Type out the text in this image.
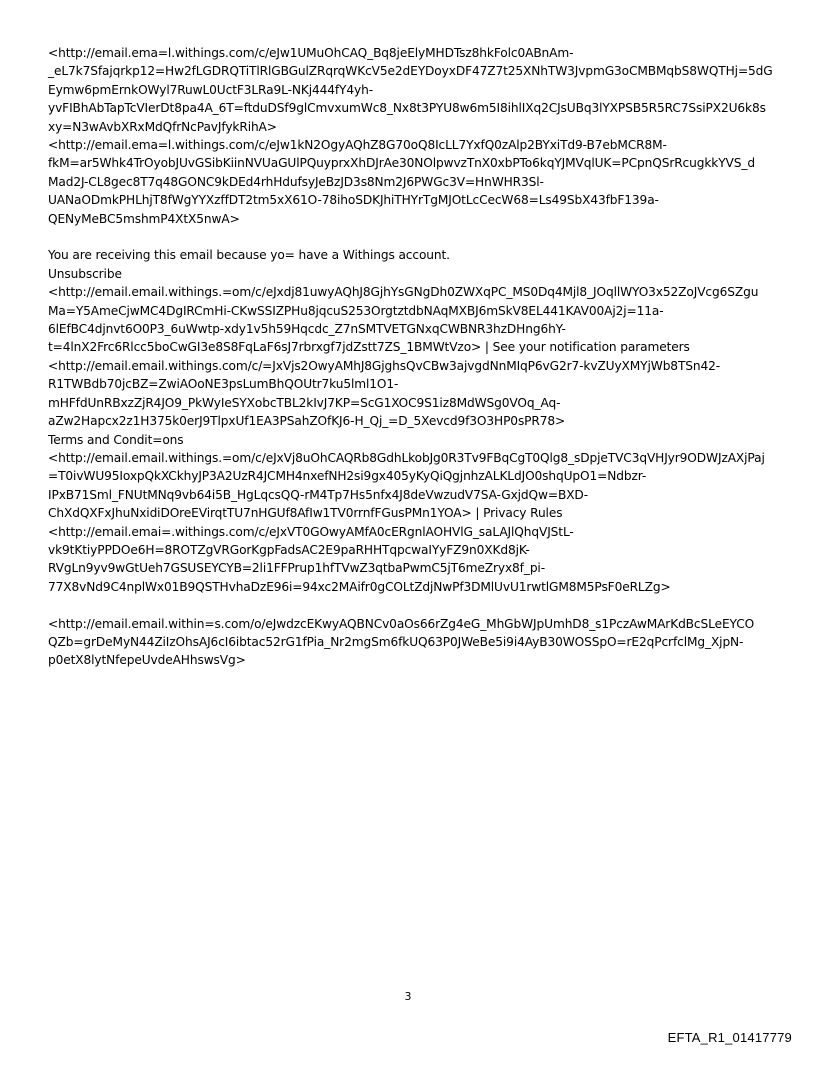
<http://email.ema=l.withings.com/c/eJw1UMuOhCAQ_Bq8jeElyMHDTsz8hkFolc0ABnAm-
_eL7k7Sfajqrkp12=Hw2fLGDRQTiTlRlGBGulZRqrqWKcV5e2dEYDoyxDF47Z7t25XNhTW3JvpmG3oCMBMqbS8WQTHj=5dG
Eymw6pmErnkOWyl7RuwL0UctF3LRa9L-NKj444fY4yh-
yvFIBhAbTapTcVIerDt8pa4A_6T=ftduDSf9glCmvxumWc8_Nx8t3PYU8w6m5I8ihlIXq2CJsUBq3lYXPSB5R5RC7SsiPX2U6k8s
xy=N3wAvbXRxMdQfrNcPavJfykRihA>
<http://email.ema=l.withings.com/c/eJw1kN2OgyAQhZ8G70oQ8IcLL7YxfQ0zAlp2BYxiTd9-B7ebMCR8M-
fkM=ar5Whk4TrOyobJUvGSibKiinNVUaGUlPQuyprxXhDJrAe30NOlpwvzTnX0xbPTo6kqYJMVqlUK=PCpnQSrRcugkkYVS_d
Mad2J-CL8gec8T7q48GONC9kDEd4rhHdufsyJeBzJD3s8Nm2J6PWGc3V=HnWHR3Sl-
UANaODmkPHLhjT8fWgYYXzffDT2tm5xX61O-78ihoSDKJhiTHYrTgMJOtLcCecW68=Ls49SbX43fbF139a-
QENyMeBC5mshmP4XtX5nwA>
You are receiving this email because yo= have a Withings account.
Unsubscribe
<http://email.email.withings.=om/c/eJxdj81uwyAQhJ8GjhYsGNgDh0ZWXqPC_MS0Dq4Mjl8_JOqllWYO3x52ZoJVcg6SZgu
Ma=Y5AmeCjwMC4DgIRCmHi-CKwSSIZPHu8jqcuS253OrgtztdbNAqMXBJ6mSkV8EL441KAV00Aj2j=11a-
6lEfBC4djnvt6O0P3_6uWwtp-xdy1v5h59Hqcdc_Z7nSMTVETGNxqCWBNR3hzDHng6hY-
t=4lnX2Frc6Rlcc5boCwGI3e8S8FqLaF6sJ7rbrxgf7jdZstt7ZS_1BMWtVzo> | See your notification parameters
<http://email.email.withings.com/c/=JxVjs2OwyAMhJ8GjghsQvCBw3ajvgdNnMIqP6vG2r7-kvZUyXMYjWb8TSn42-
R1TWBdb70jcBZ=ZwiAOoNE3psLumBhQOUtr7ku5lml1O1-
mHFfdUnRBxzZjR4JO9_PkWyIeSYXobcTBL2kIvJ7KP=ScG1XOC9S1iz8MdWSg0VOq_Aq-
aZw2Hapcx2z1H375k0erJ9TlpxUf1EA3PSahZOfKJ6-H_Qj_=D_5Xevcd9f3O3HP0sPR78>
Terms and Condit=ons
<http://email.email.withings.=om/c/eJxVj8uOhCAQRb8GdhLkobJg0R3Tv9FBqCgT0Qlg8_sDpjeTVC3qVHJyr9ODWJzAXjPaj
=T0ivWU95IoxpQkXCkhyJP3A2UzR4JCMH4nxefNH2si9gx405yKyQiQgjnhzALKLdJO0shqUpO1=Ndbzr-
IPxB71Sml_FNUtMNq9vb64i5B_HgLqcsQQ-rM4Tp7Hs5nfx4J8deVwzudV7SA-GxjdQw=BXD-
ChXdQXFxJhuNxidiDOreEVirqtTU7nHGUf8AfIw1TV0rrnfFGusPMn1YOA> | Privacy Rules
<http://email.emai=.withings.com/c/eJxVT0GOwyAMfA0cERgnlAOHVlG_saLAJlQhqVJStL-
vk9tKtiyPPDOe6H=8ROTZgVRGorKgpFadsAC2E9paRHHTqpcwaIYyFZ9n0XKd8jK-
RVgLn9yv9wGtUeh7GSUSEYCYB=2li1FFPrup1hfTVwZ3qtbaPwmC5jT6meZryx8f_pi-
77X8vNd9C4nplWx01B9QSTHvhaDzE96i=94xc2MAifr0gCOLtZdjNwPf3DMlUvU1rwtlGM8M5PsF0eRLZg>
<http://email.email.within=s.com/o/eJwdzcEKwyAQBNCv0aOs66rZg4eG_MhGbWJpUmhD8_s1PczAwMArKdBcSLeEYCO
QZb=grDeMyN44ZiIzOhsAJ6cI6ibtac52rG1fPia_Nr2mgSm6fkUQ63P0JWeBe5i9i4AyB30WOSSpO=rE2qPcrfclMg_XjpN-
p0etX8lytNfepeUvdeAHhswsVg>
3
EFTA_R1_01417779
